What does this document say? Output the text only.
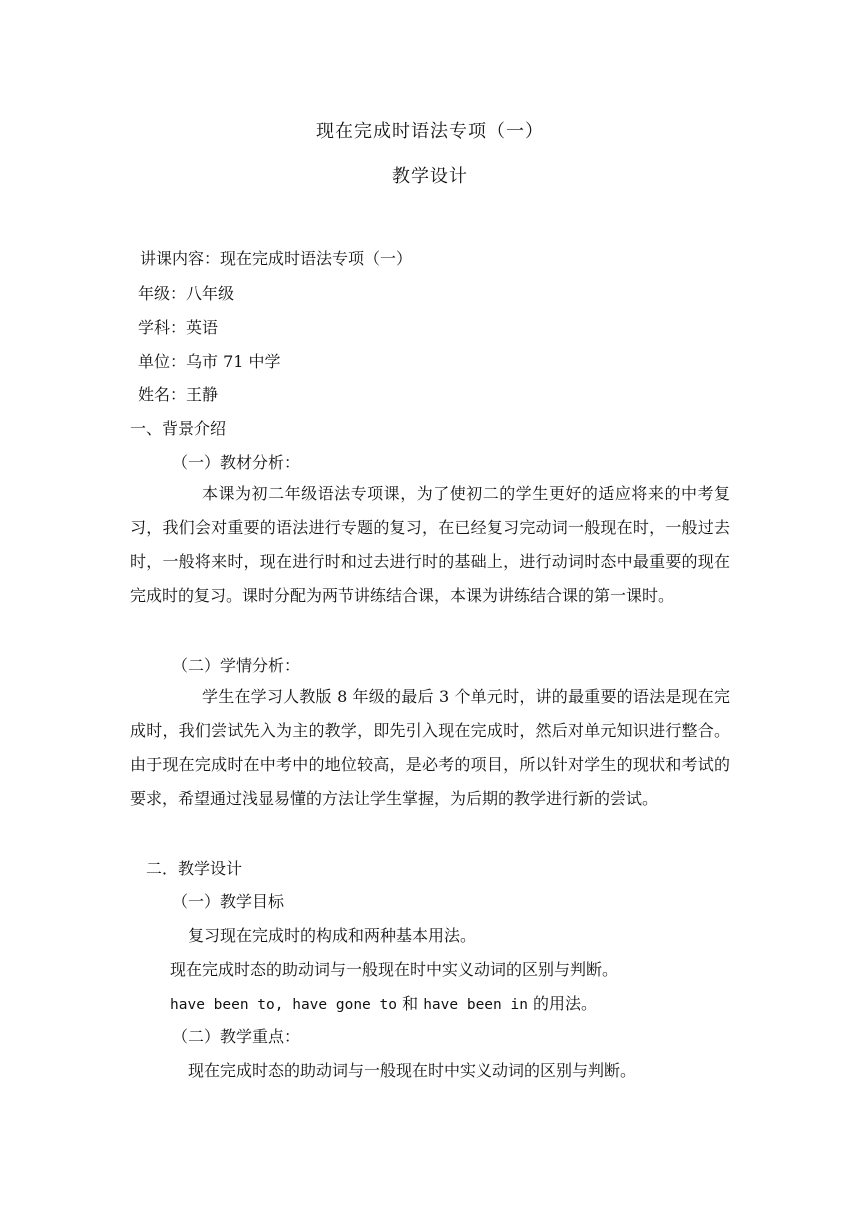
现在完成时语法专项（一）
教学设计
讲课内容：现在完成时语法专项（一）
年级：八年级
学科：英语
单位：乌市 71 中学
姓名：王静
一、背景介绍
（一）教材分析：
本课为初二年级语法专项课，为了使初二的学生更好的适应将来的中考复习，我们会对重要的语法进行专题的复习，在已经复习完动词一般现在时，一般过去时，一般将来时，现在进行时和过去进行时的基础上，进行动词时态中最重要的现在完成时的复习。课时分配为两节讲练结合课，本课为讲练结合课的第一课时。
（二）学情分析：
学生在学习人教版 8 年级的最后 3 个单元时，讲的最重要的语法是现在完成时，我们尝试先入为主的教学，即先引入现在完成时，然后对单元知识进行整合。由于现在完成时在中考中的地位较高，是必考的项目，所以针对学生的现状和考试的要求，希望通过浅显易懂的方法让学生掌握，为后期的教学进行新的尝试。
二．教学设计
（一）教学目标
复习现在完成时的构成和两种基本用法。
现在完成时态的助动词与一般现在时中实义动词的区别与判断。
have been to, have gone to 和 have been in 的用法。
（二）教学重点：
现在完成时态的助动词与一般现在时中实义动词的区别与判断。
